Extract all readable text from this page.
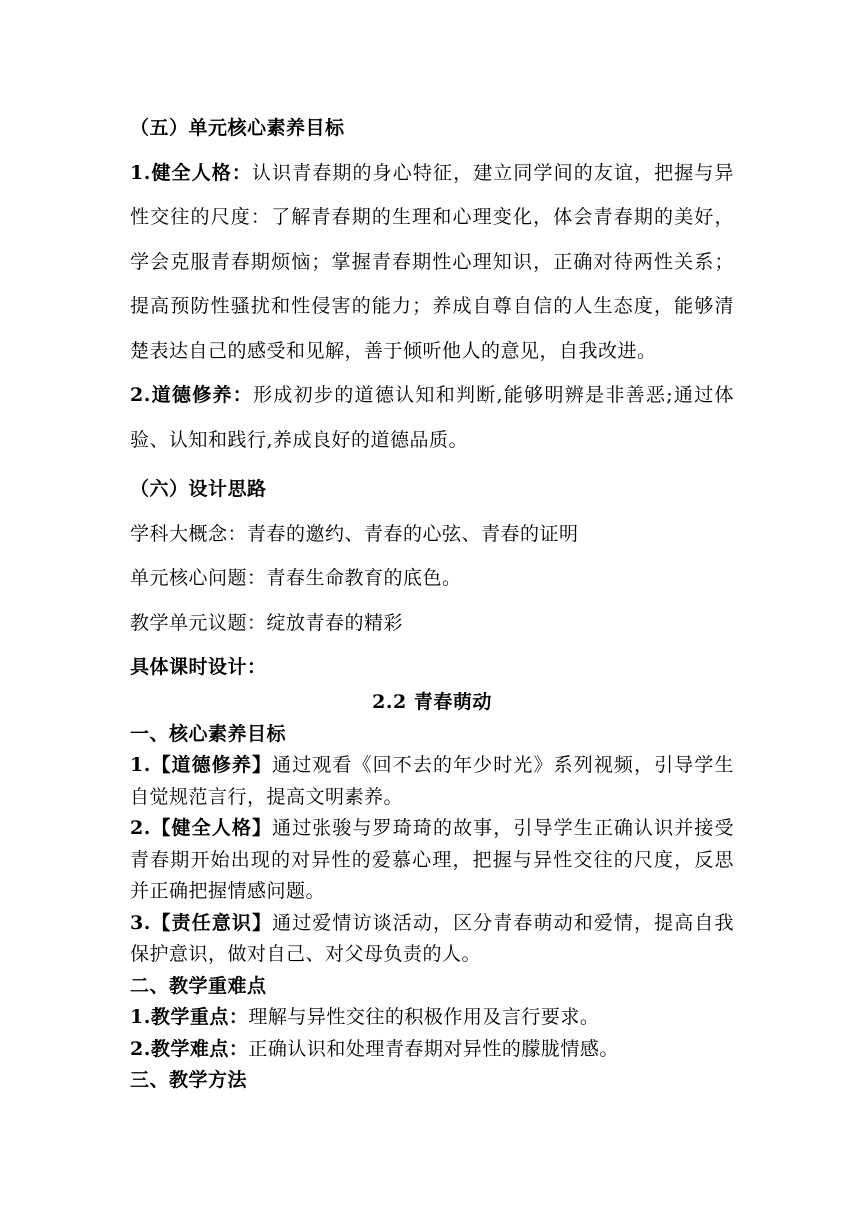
（五）单元核心素养目标
1.健全人格：认识青春期的身心特征，建立同学间的友谊，把握与异
性交往的尺度：了解青春期的生理和心理变化，体会青春期的美好，
学会克服青春期烦恼；掌握青春期性心理知识，正确对待两性关系；
提高预防性骚扰和性侵害的能力；养成自尊自信的人生态度，能够清
楚表达自己的感受和见解，善于倾听他人的意见，自我改进。
2.道德修养：形成初步的道德认知和判断,能够明辨是非善恶;通过体
验、认知和践行,养成良好的道德品质。
（六）设计思路
学科大概念：青春的邀约、青春的心弦、青春的证明
单元核心问题：青春生命教育的底色。
教学单元议题：绽放青春的精彩
具体课时设计：
2.2 青春萌动
一、核心素养目标
1.【道德修养】通过观看《回不去的年少时光》系列视频，引导学生
自觉规范言行，提高文明素养。
2.【健全人格】通过张骏与罗琦琦的故事，引导学生正确认识并接受
青春期开始出现的对异性的爱慕心理，把握与异性交往的尺度，反思
并正确把握情感问题。
3.【责任意识】通过爱情访谈活动，区分青春萌动和爱情，提高自我
保护意识，做对自己、对父母负责的人。
二、教学重难点
1.教学重点：理解与异性交往的积极作用及言行要求。
2.教学难点：正确认识和处理青春期对异性的朦胧情感。
三、教学方法
